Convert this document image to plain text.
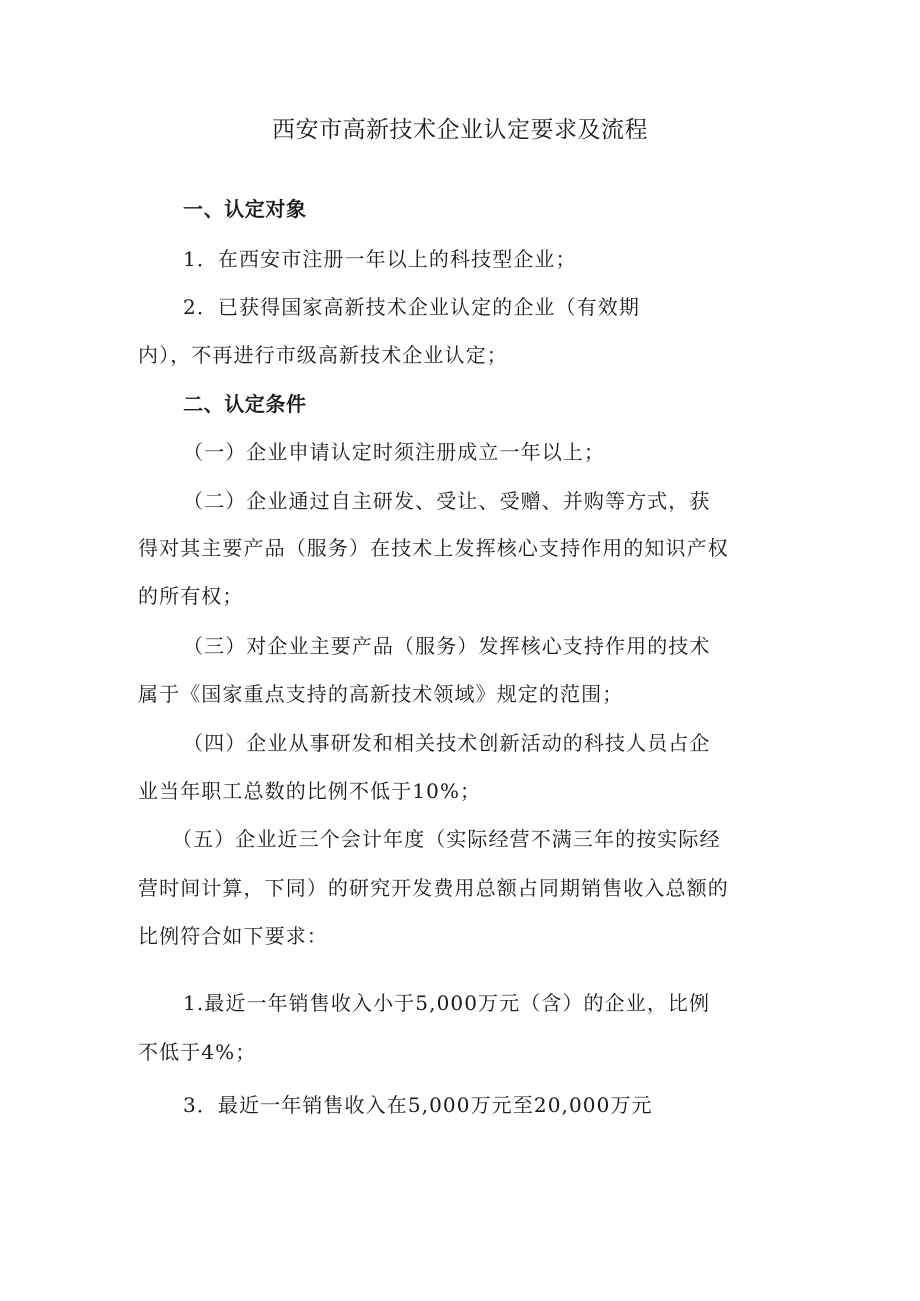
西安市高新技术企业认定要求及流程
一、认定对象
1．在西安市注册一年以上的科技型企业；
2．已获得国家高新技术企业认定的企业（有效期
内），不再进行市级高新技术企业认定；
二、认定条件
（一）企业申请认定时须注册成立一年以上；
（二）企业通过自主研发、受让、受赠、并购等方式，获
得对其主要产品（服务）在技术上发挥核心支持作用的知识产权
的所有权；
（三）对企业主要产品（服务）发挥核心支持作用的技术
属于《国家重点支持的高新技术领域》规定的范围；
（四）企业从事研发和相关技术创新活动的科技人员占企
业当年职工总数的比例不低于10%；
（五）企业近三个会计年度（实际经营不满三年的按实际经
营时间计算，下同）的研究开发费用总额占同期销售收入总额的
比例符合如下要求：
1.最近一年销售收入小于5,000万元（含）的企业，比例
不低于4%；
3．最近一年销售收入在5,000万元至20,000万元
